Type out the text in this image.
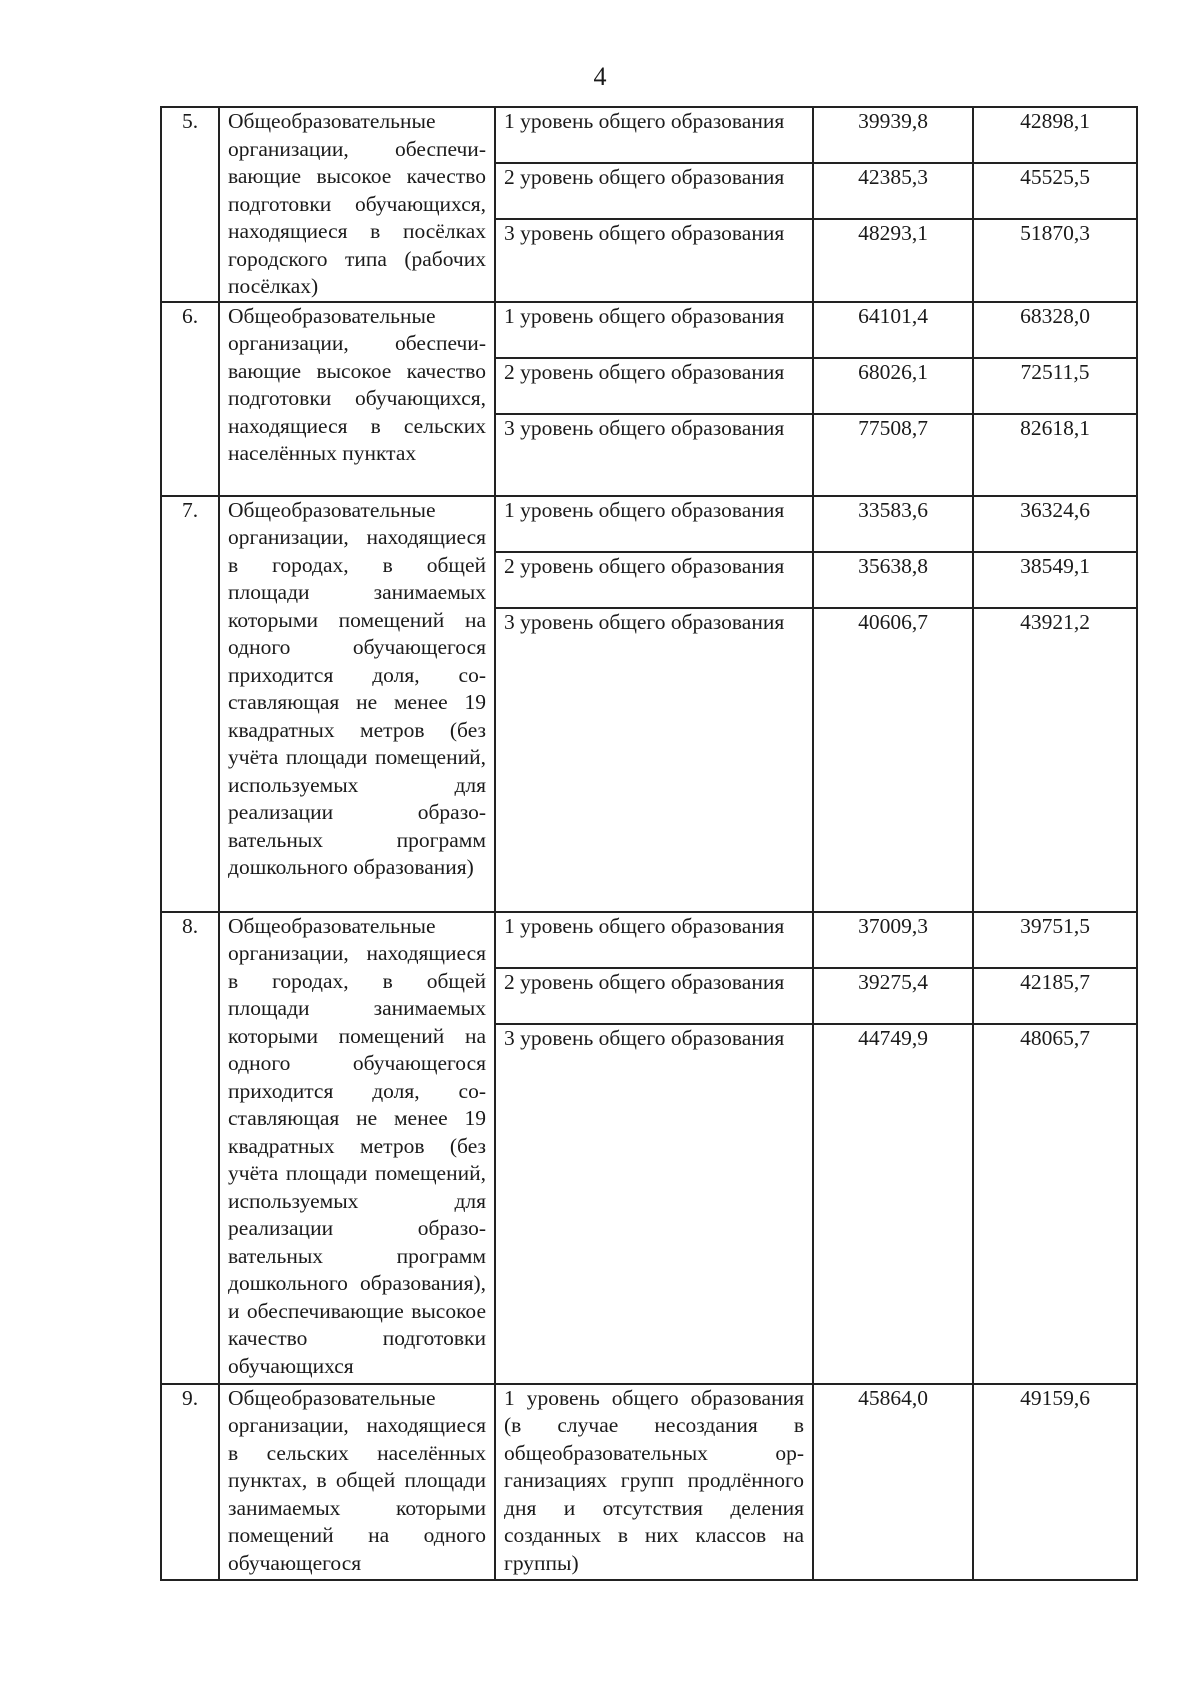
4
5.	Общеобразовательные организации, обеспечивающие высокое качество подготовки обучающихся, находящиеся в посёлках городского типа (рабочих посёлках)	1 уровень общего образования	39939,8	42898,1
		2 уровень общего образования	42385,3	45525,5
		3 уровень общего образования	48293,1	51870,3
6.	Общеобразовательные организации, обеспечивающие высокое качество подготовки обучающихся, находящиеся в сельских населённых пунктах	1 уровень общего образования	64101,4	68328,0
		2 уровень общего образования	68026,1	72511,5
		3 уровень общего образования	77508,7	82618,1
7.	Общеобразовательные организации, находящиеся в городах, в общей площади занимаемых которыми помещений на одного обучающегося приходится доля, составляющая не менее 19 квадратных метров (без учёта площади помещений, используемых для реализации образовательных программ дошкольного образования)	1 уровень общего образования	33583,6	36324,6
		2 уровень общего образования	35638,8	38549,1
		3 уровень общего образования	40606,7	43921,2
8.	Общеобразовательные организации, находящиеся в городах, в общей площади занимаемых которыми помещений на одного обучающегося приходится доля, составляющая не менее 19 квадратных метров (без учёта площади помещений, используемых для реализации образовательных программ дошкольного образования), и обеспечивающие высокое качество подготовки обучающихся	1 уровень общего образования	37009,3	39751,5
		2 уровень общего образования	39275,4	42185,7
		3 уровень общего образования	44749,9	48065,7
9.	Общеобразовательные организации, находящиеся в сельских населённых пунктах, в общей площади занимаемых которыми помещений на одного обучающегося	1 уровень общего образования (в случае несоздания в общеобразовательных организациях групп продлённого дня и отсутствия деления созданных в них классов на группы)	45864,0	49159,6
